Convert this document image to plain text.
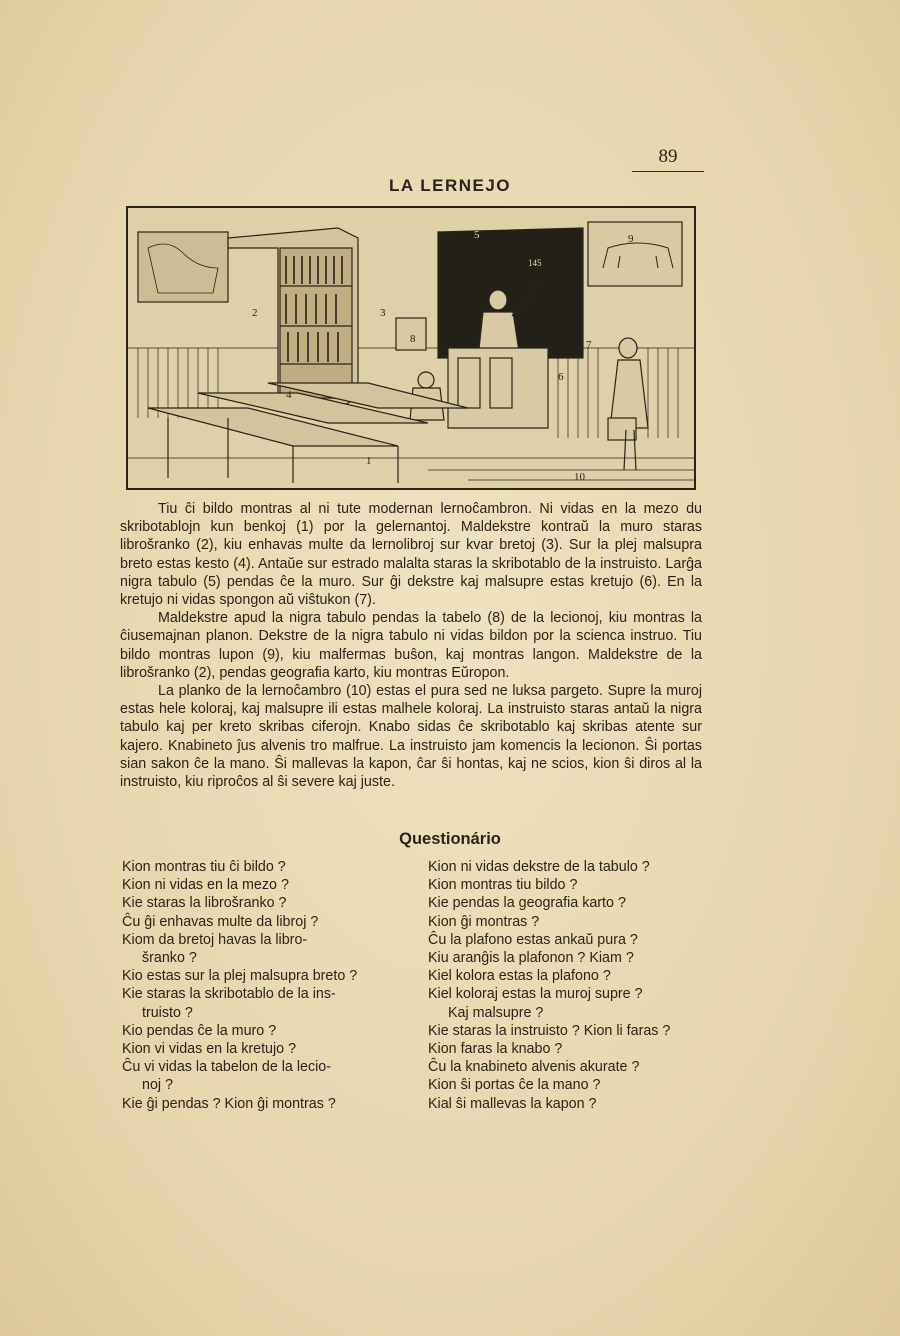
89
LA LERNEJO
145
1
2	3
4
5
6
7
8
9
10

Tiu ĉi bildo montras al ni tute modernan lernoĉambron. Ni vidas en la mezo du skribotablojn kun benkoj (1) por la gelernantoj. Maldekstre kontraŭ la muro staras librošranko (2), kiu enhavas multe da lernolibroj sur kvar bretoj (3). Sur la plej malsupra breto estas kesto (4). Antaŭe sur estrado malalta staras la skribotablo de la instruisto. Larĝa nigra tabulo (5) pendas ĉe la muro. Sur ĝi dekstre kaj malsupre estas kretujo (6). En la kretujo ni vidas spongon aŭ viŝtukon (7).

Maldekstre apud la nigra tabulo pendas la tabelo (8) de la lecionoj, kiu montras la ĉiusemajnan planon. Dekstre de la nigra tabulo ni vidas bildon por la scienca instruo. Tiu bildo montras lupon (9), kiu malfermas buŝon, kaj montras langon. Maldekstre de la librošranko (2), pendas geografia karto, kiu montras Eŭropon.

La planko de la lernoĉambro (10) estas el pura sed ne luksa pargeto. Supre la muroj estas hele koloraj, kaj malsupre ili estas malhele koloraj. La instruisto staras antaŭ la nigra tabulo kaj per kreto skribas ciferojn. Knabo sidas ĉe skribotablo kaj skribas atente sur kajero. Knabineto ĵus alvenis tro malfrue. La instruisto jam komencis la lecionon. Ŝi portas sian sakon ĉe la mano. Ŝi mallevas la kapon, ĉar ŝi hontas, kaj ne scios, kion ŝi diros al la instruisto, kiu riproĉos al ŝi severe kaj juste.

Questionário
Kion montras tiu ĉi bildo ?
Kion ni vidas en la mezo ?
Kie staras la librošranko ?
Ĉu ĝi enhavas multe da libroj ?
Kiom da bretoj havas la libro-
šranko ?
Kio estas sur la plej malsupra breto ?
Kie staras la skribotablo de la ins-
truisto ?
Kio pendas ĉe la muro ?
Kion vi vidas en la kretujo ?
Ĉu vi vidas la tabelon de la lecio-
noj ?
Kie ĝi pendas ? Kion ĝi montras ?
Kion ni vidas dekstre de la tabulo ?
Kion montras tiu bildo ?
Kie pendas la geografia karto ?
Kion ĝi montras ?
Ĉu la plafono estas ankaŭ pura ?
Kiu aranĝis la plafonon ? Kiam ?
Kiel kolora estas la plafono ?
Kiel koloraj estas la muroj supre ?
Kaj malsupre ?
Kie staras la instruisto ? Kion li faras ?
Kion faras la knabo ?
Ĉu la knabineto alvenis akurate ?
Kion ŝi portas ĉe la mano ?
Kial ŝi mallevas la kapon ?
